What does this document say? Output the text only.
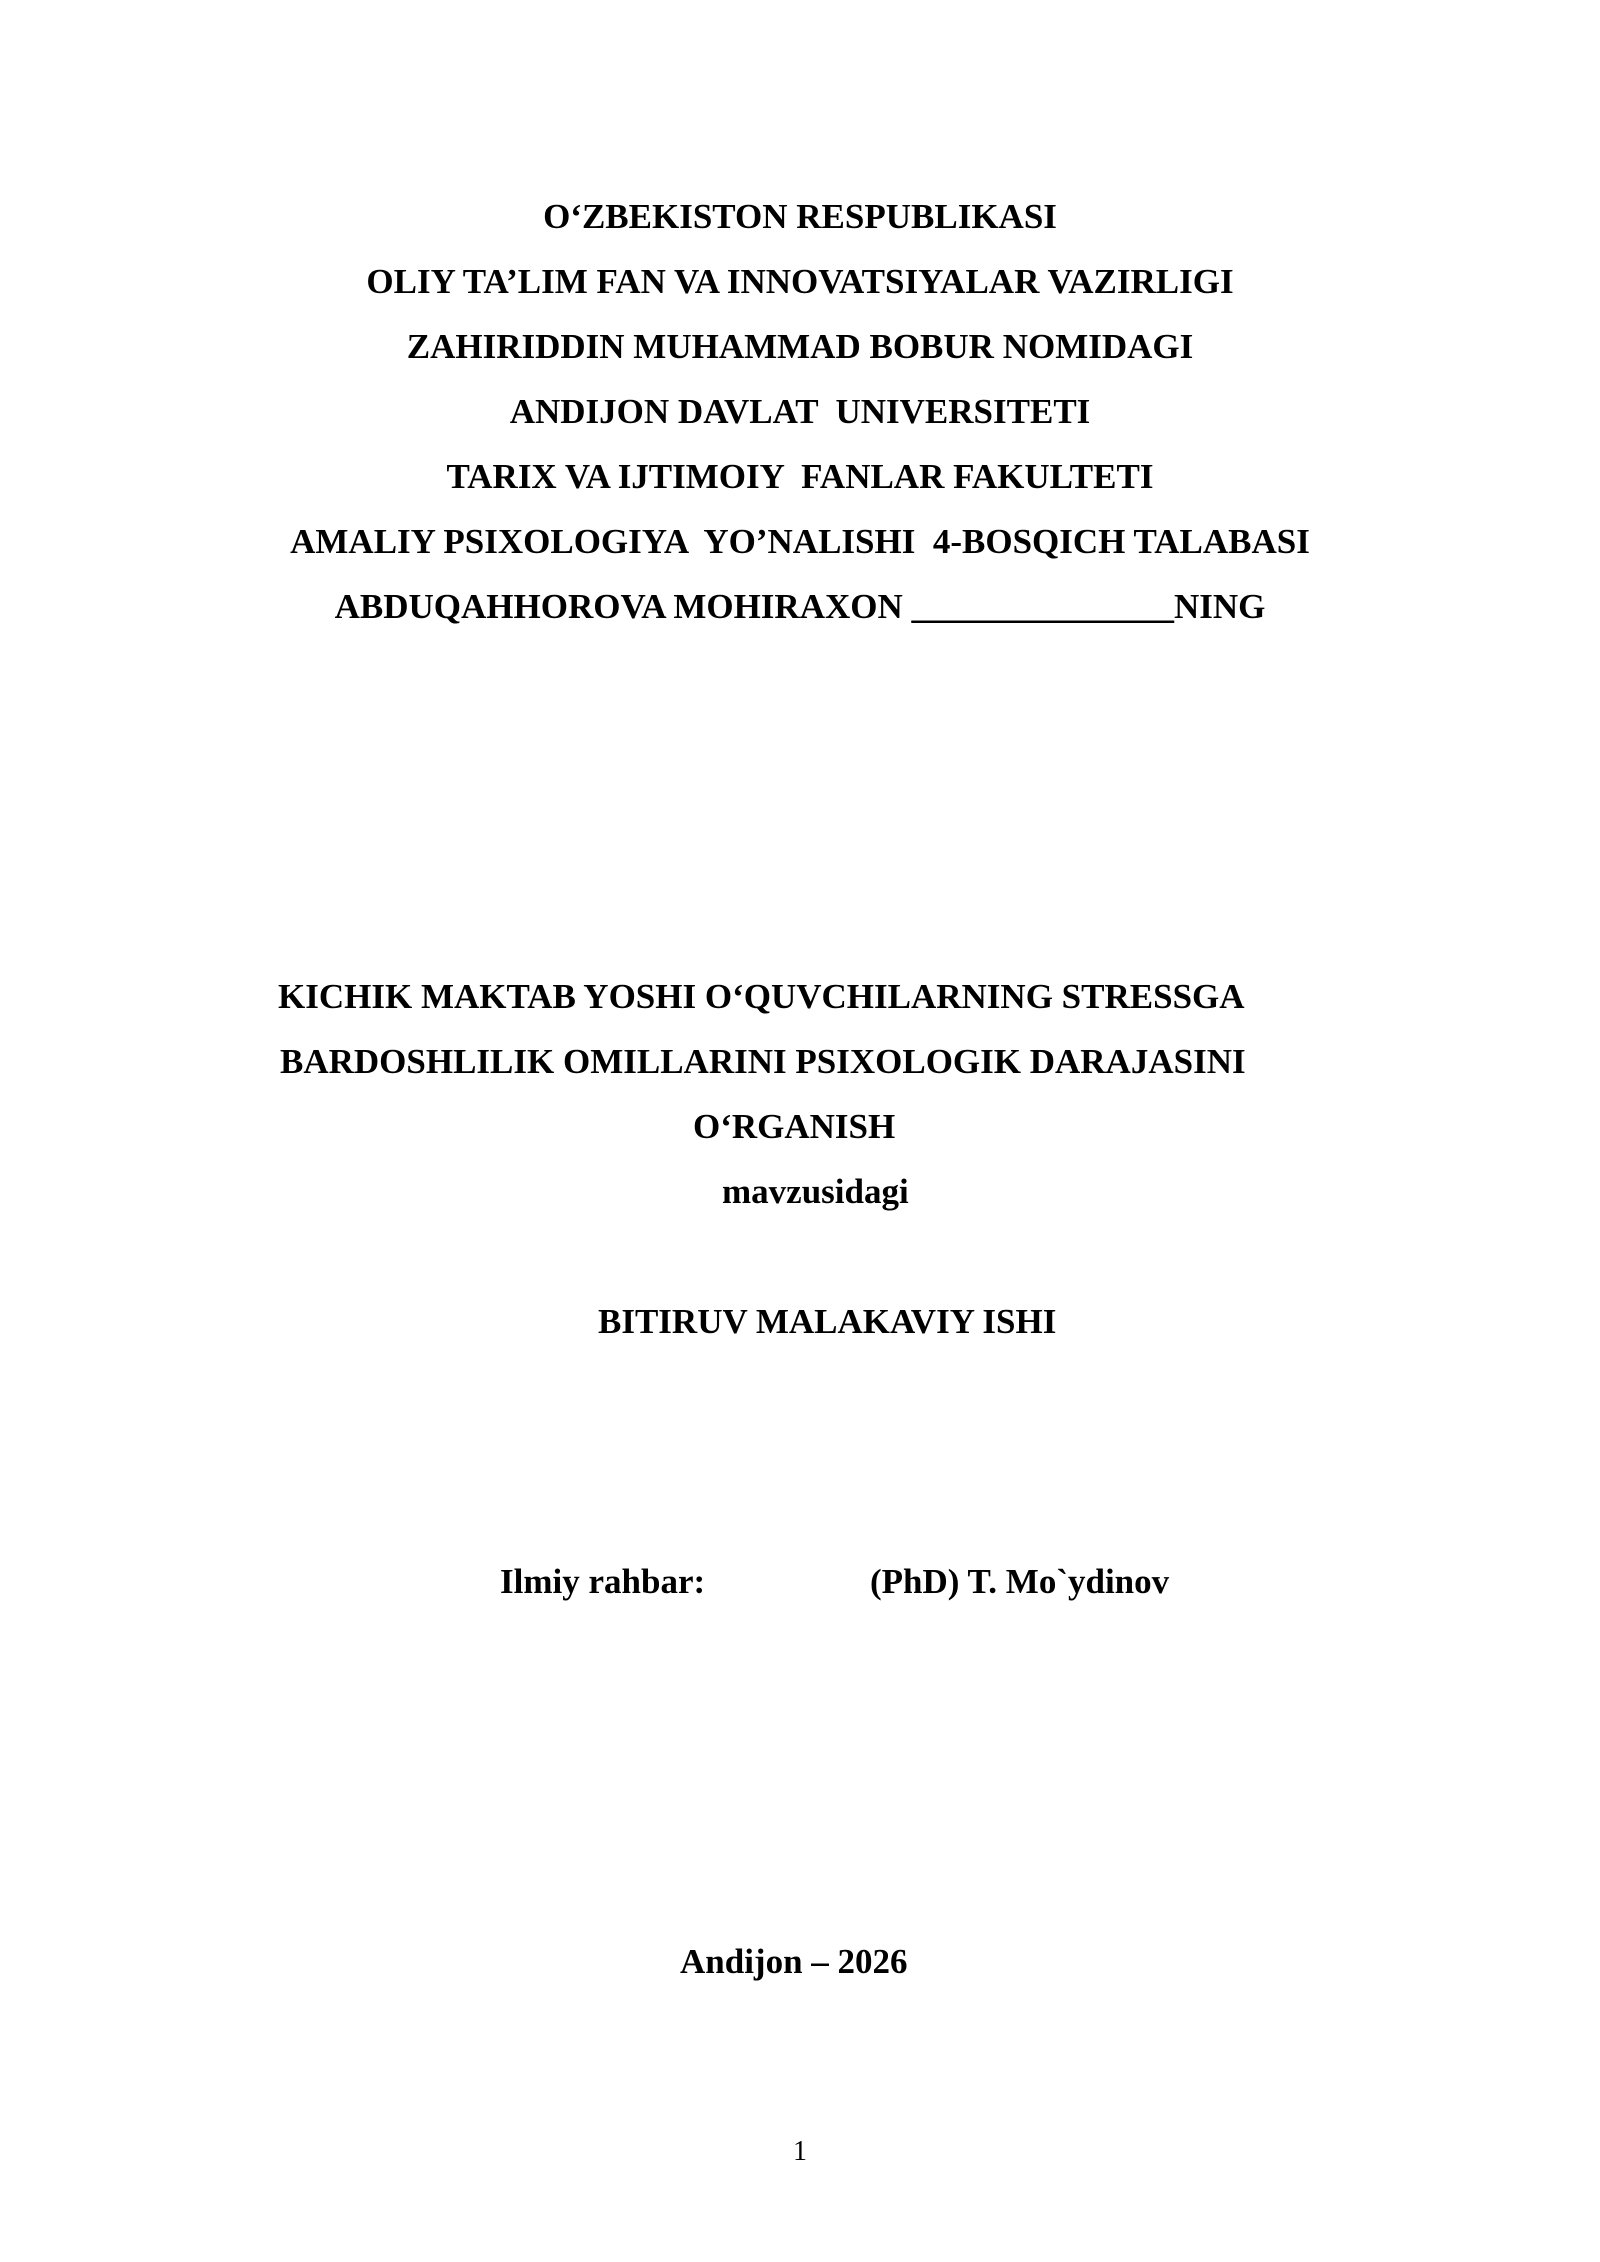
O‘ZBEKISTON RESPUBLIKASI
OLIY TA’LIM FAN VA INNOVATSIYALAR VAZIRLIGI
ZAHIRIDDIN MUHAMMAD BOBUR NOMIDAGI
ANDIJON DAVLAT  UNIVERSITETI
TARIX VA IJTIMOIY  FANLAR FAKULTETI
AMALIY PSIXOLOGIYA  YO’NALISHI  4-BOSQICH TALABASI
ABDUQAHHOROVA MOHIRAXON _______________NING
KICHIK MAKTAB YOSHI O‘QUVCHILARNING STRESSGA
BARDOSHLILIK OMILLARINI PSIXOLOGIK DARAJASINI
O‘RGANISH
mavzusidagi
BITIRUV MALAKAVIY ISHI
Ilmiy rahbar:	(PhD) T. Mo`ydinov
Andijon – 2026
1
